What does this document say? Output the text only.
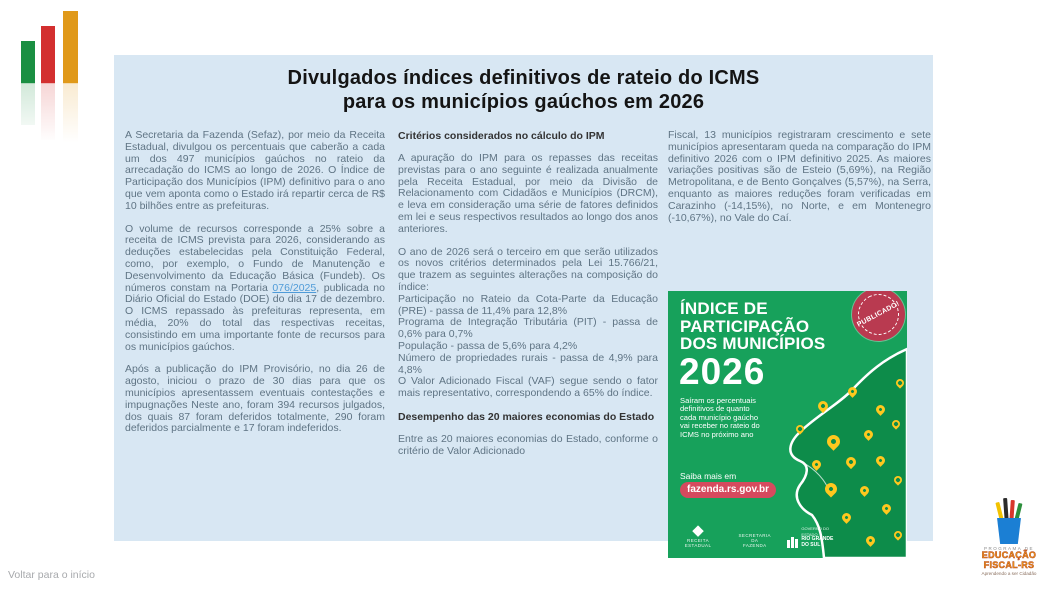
Divulgados índices definitivos de rateio do ICMS
para os municípios gaúchos em 2026

A Secretaria da Fazenda (Sefaz), por meio da Receita Estadual, divulgou os percentuais que caberão a cada um dos 497 municípios gaúchos no rateio da arrecadação do ICMS ao longo de 2026. O Índice de Participação dos Municípios (IPM) definitivo para o ano que vem aponta como o Estado irá repartir cerca de R$ 10 bilhões entre as prefeituras.

O volume de recursos corresponde a 25% sobre a receita de ICMS prevista para 2026, considerando as deduções estabelecidas pela Constituição Federal, como, por exemplo, o Fundo de Manutenção e Desenvolvimento da Educação Básica (Fundeb). Os números constam na Portaria 076/2025, publicada no Diário Oficial do Estado (DOE) do dia 17 de dezembro. O ICMS repassado às prefeituras representa, em média, 20% do total das respectivas receitas, consistindo em uma importante fonte de recursos para os municípios gaúchos.

Após a publicação do IPM Provisório, no dia 26 de agosto, iniciou o prazo de 30 dias para que os municípios apresentassem eventuais contestações e impugnações Neste ano, foram 394 recursos julgados, dos quais 87 foram deferidos totalmente, 290 foram deferidos parcialmente e 17 foram indeferidos.

Critérios considerados no cálculo do IPM

A apuração do IPM para os repasses das receitas previstas para o ano seguinte é realizada anualmente pela Receita Estadual, por meio da Divisão de Relacionamento com Cidadãos e Municípios (DRCM), e leva em consideração uma série de fatores definidos em lei e seus respectivos resultados ao longo dos anos anteriores.

O ano de 2026 será o terceiro em que serão utilizados os novos critérios determinados pela Lei 15.766/21, que trazem as seguintes alterações na composição do índice:
Participação no Rateio da Cota-Parte da Educação (PRE) - passa de 11,4% para 12,8%
Programa de Integração Tributária (PIT) - passa de 0,6% para 0,7%
População - passa de 5,6% para 4,2%
Número de propriedades rurais - passa de 4,9% para 4,8%
O Valor Adicionado Fiscal (VAF) segue sendo o fator mais representativo, correspondendo a 65% do índice.

Desempenho das 20 maiores economias do Estado

Entre as 20 maiores economias do Estado, conforme o critério de Valor Adicionado

Fiscal, 13 municípios registraram crescimento e sete municípios apresentaram queda na comparação do IPM definitivo 2026 com o IPM definitivo 2025. As maiores variações positivas são de Esteio (5,69%), na Região Metropolitana, e de Bento Gonçalves (5,57%), na Serra, enquanto as maiores reduções foram verificadas em Carazinho (-14,15%), no Norte, e em Montenegro (-10,67%), no Vale do Caí.

PUBLICADO!
ÍNDICE DE
PARTICIPAÇÃO
DOS MUNICÍPIOS
2026
Saíram os percentuais definitivos de quanto cada município gaúcho vai receber no rateio do ICMS no próximo ano
Saiba mais em
fazenda.rs.gov.br
◆
RECEITA ESTADUAL
SECRETARIA DA
FAZENDA
GOVERNO DO ESTADO
RIO GRANDE
DO SUL
Voltar para o início
PROGRAMA DE
EDUCAÇÃO
FISCAL-RS
Aprendendo a ser Cidadão
